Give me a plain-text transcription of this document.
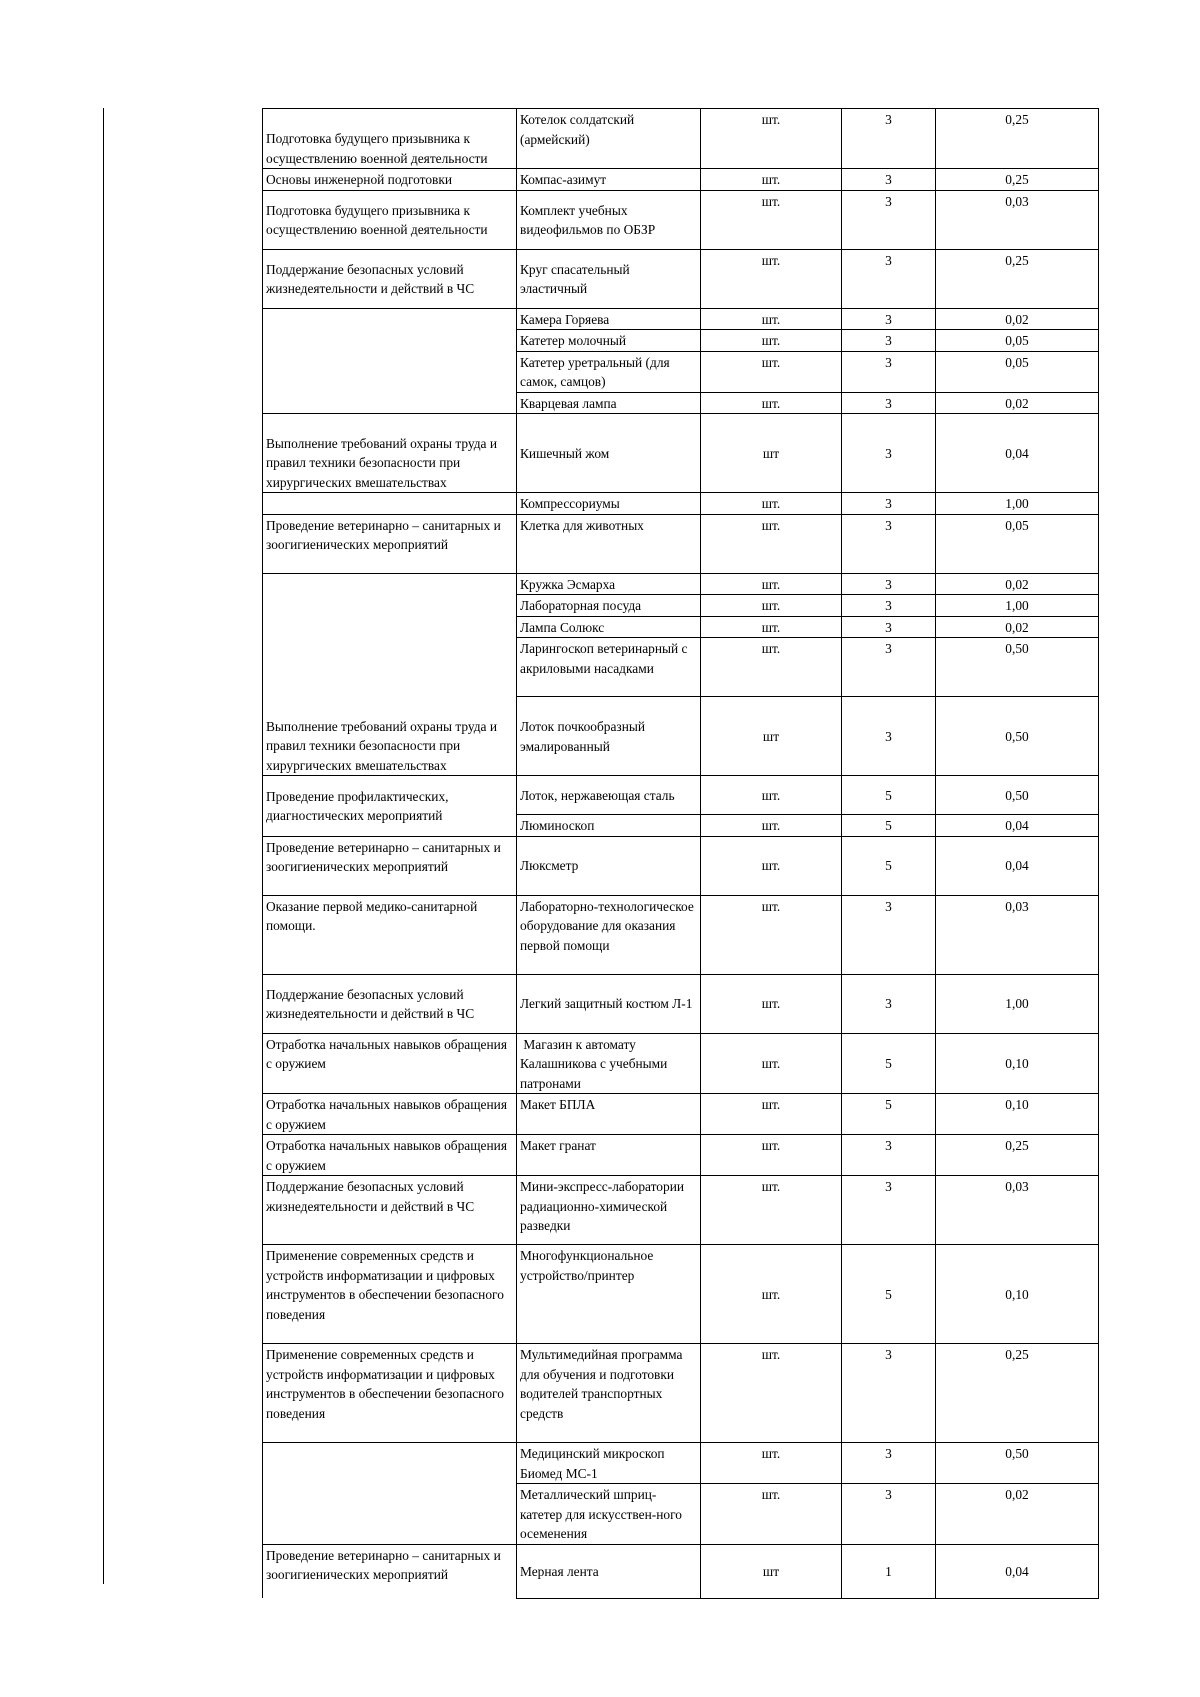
Подготовка будущего призывника к осуществлению военной деятельности	Котелок солдатский (армейский)	шт.	3	0,25
Основы инженерной подготовки	Компас-азимут	шт.	3	0,25
Подготовка будущего призывника к осуществлению военной деятельности	Комплект учебных видеофильмов по ОБЗР	шт.	3	0,03
Поддержание безопасных условий жизнедеятельности и действий в ЧС	Круг спасательный эластичный	шт.	3	0,25
	Камера Горяева	шт.	3	0,02
	Катетер молочный	шт.	3	0,05
	Катетер уретральный (для самок, самцов)	шт.	3	0,05
	Кварцевая лампа	шт.	3	0,02
Выполнение требований охраны труда и правил техники безопасности при хирургических вмешательствах	Кишечный жом	шт	3	0,04
	Компрессориумы	шт.	3	1,00
Проведение ветеринарно – санитарных и зоогигиенических мероприятий	Клетка для животных	шт.	3	0,05
	Кружка Эсмарха	шт.	3	0,02
	Лабораторная посуда	шт.	3	1,00
	Лампа Солюкс	шт.	3	0,02
	Ларингоскоп ветеринарный с акриловыми насадками	шт.	3	0,50
Выполнение требований охраны труда и правил техники безопасности при хирургических вмешательствах	Лоток почкообразный эмалированный	шт	3	0,50
Проведение профилактических, диагностических мероприятий	Лоток, нержавеющая сталь	шт.	5	0,50
	Люминоскоп	шт.	5	0,04
Проведение ветеринарно – санитарных и зоогигиенических мероприятий	Люксметр	шт.	5	0,04
Оказание первой медико-санитарной помощи.	Лабораторно-технологическое оборудование для оказания первой помощи	шт.	3	0,03
Поддержание безопасных условий жизнедеятельности и действий в ЧС	Легкий защитный костюм Л-1	шт.	3	1,00
Отработка начальных навыков обращения с оружием	Магазин к автомату Калашникова с учебными патронами	шт.	5	0,10
Отработка начальных навыков обращения с оружием	Макет БПЛА	шт.	5	0,10
Отработка начальных навыков обращения с оружием	Макет гранат	шт.	3	0,25
Поддержание безопасных условий жизнедеятельности и действий в ЧС	Мини-экспресс-лаборатории радиационно-химической разведки	шт.	3	0,03
Применение современных средств и устройств информатизации и цифровых инструментов в обеспечении безопасного поведения	Многофункциональное устройство/принтер	шт.	5	0,10
Применение современных средств и устройств информатизации и цифровых инструментов в обеспечении безопасного поведения	Мультимедийная программа для обучения и подготовки водителей транспортных средств	шт.	3	0,25
	Медицинский микроскоп Биомед МС-1	шт.	3	0,50
	Металлический шприц-катетер для искусствен-ного осеменения	шт.	3	0,02
Проведение ветеринарно – санитарных и зоогигиенических мероприятий	Мерная лента	шт	1	0,04
